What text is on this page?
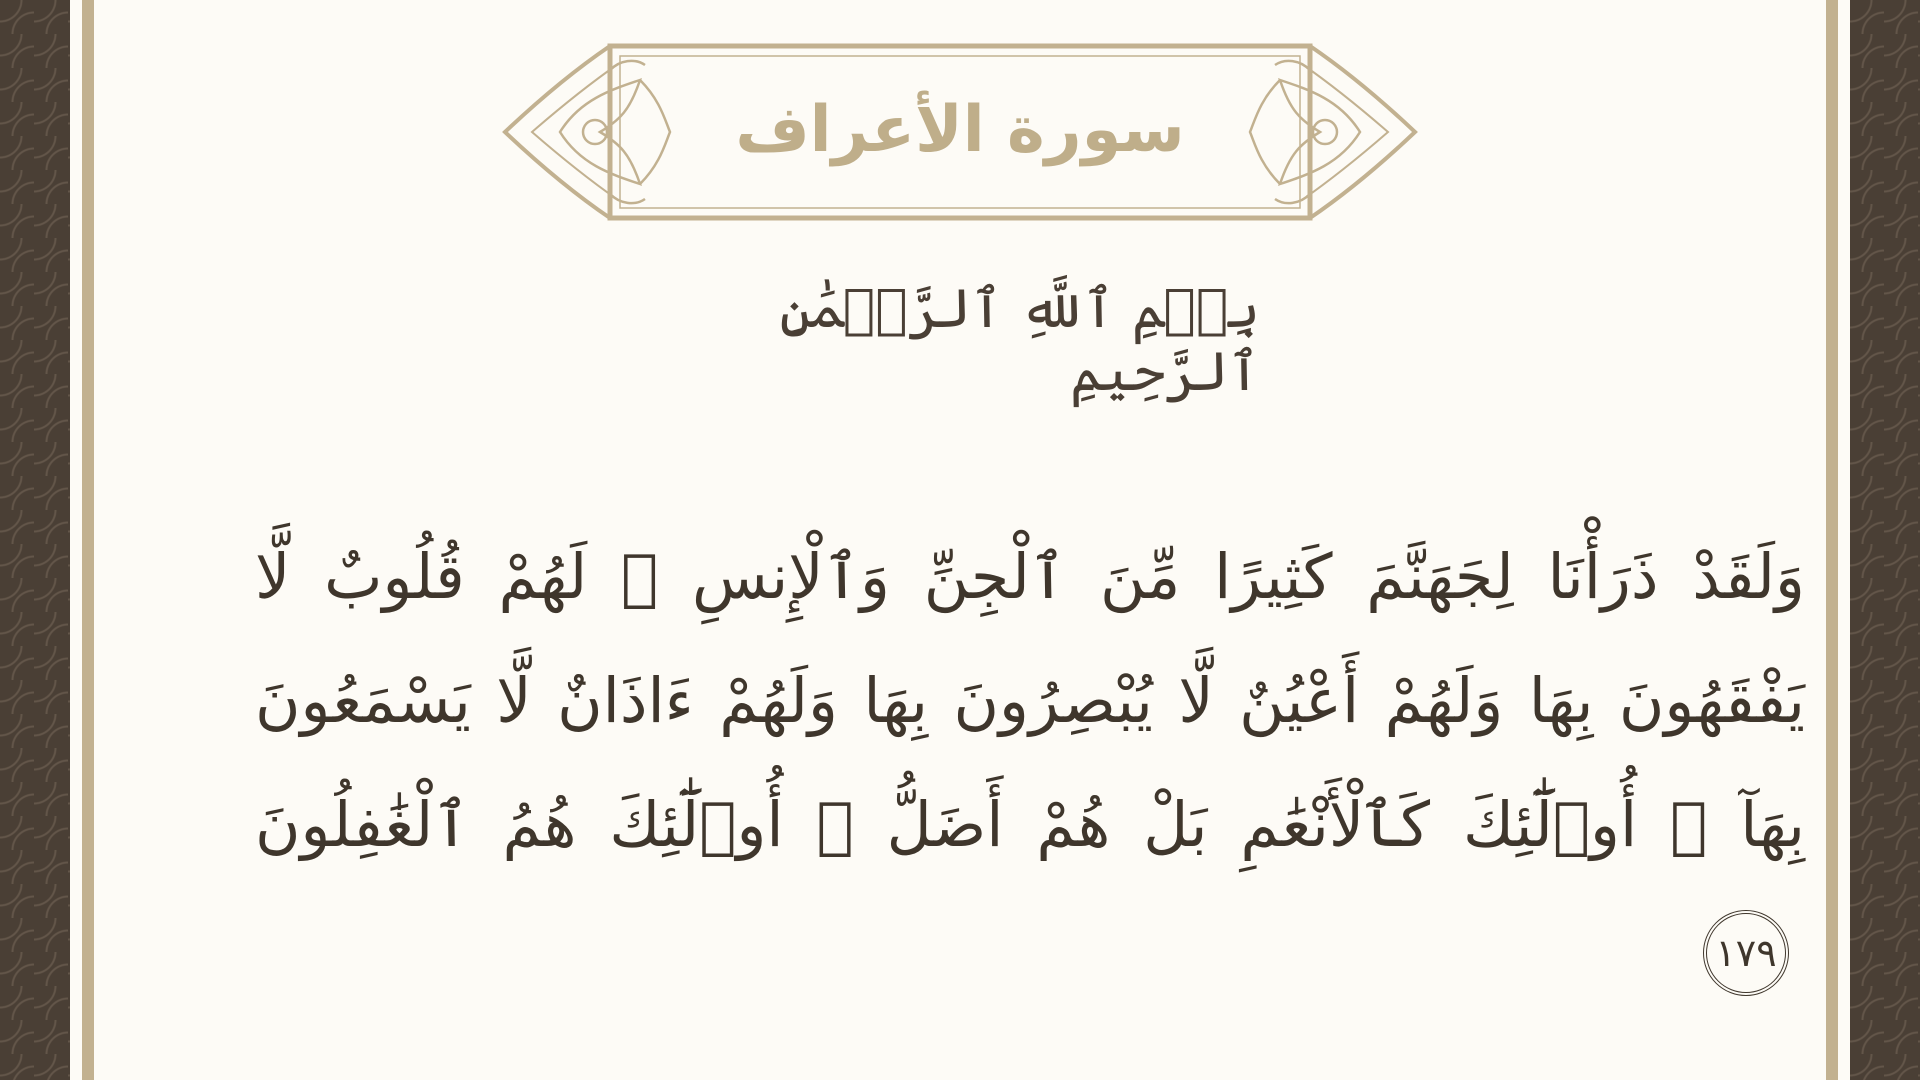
سورة الأعراف
بِسۡمِ ٱللَّهِ ٱلرَّحۡمَٰنِ ٱلرَّحِيمِ
وَلَقَدْ ذَرَأْنَا لِجَهَنَّمَ كَثِيرًا مِّنَ ٱلْجِنِّ وَٱلْإِنسِ ۖ لَهُمْ قُلُوبٌ لَّا يَفْقَهُونَ بِهَا وَلَهُمْ أَعْيُنٌ لَّا يُبْصِرُونَ بِهَا وَلَهُمْ ءَاذَانٌ لَّا يَسْمَعُونَ بِهَآ ۚ أُو۟لَٰٓئِكَ كَٱلْأَنْعَٰمِ بَلْ هُمْ أَضَلُّ ۚ أُو۟لَٰٓئِكَ هُمُ ٱلْغَٰفِلُونَ ١٧٩
